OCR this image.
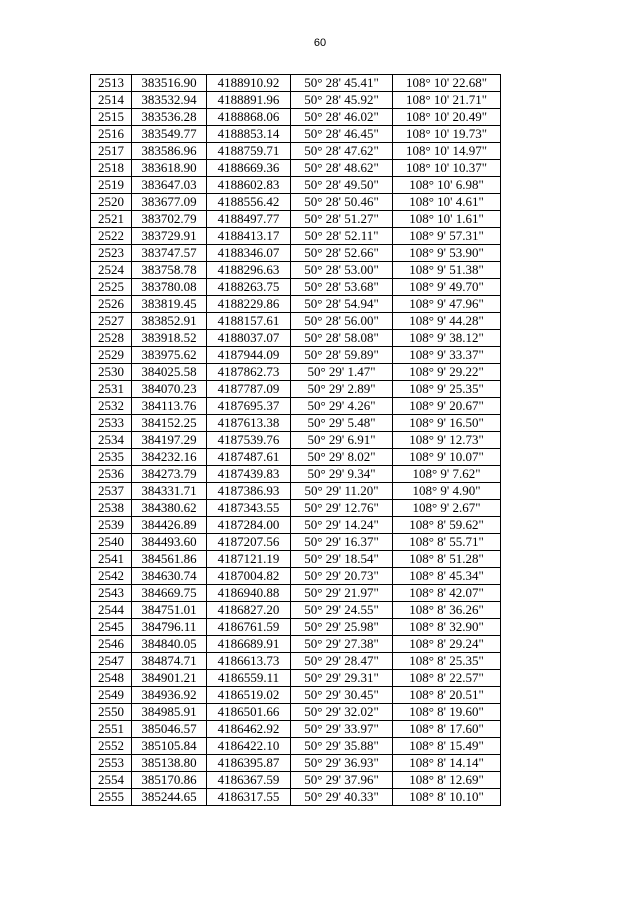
60
2513	383516.90	4188910.92	50° 28' 45.41"	108° 10' 22.68"
2514	383532.94	4188891.96	50° 28' 45.92"	108° 10' 21.71"
2515	383536.28	4188868.06	50° 28' 46.02"	108° 10' 20.49"
2516	383549.77	4188853.14	50° 28' 46.45"	108° 10' 19.73"
2517	383586.96	4188759.71	50° 28' 47.62"	108° 10' 14.97"
2518	383618.90	4188669.36	50° 28' 48.62"	108° 10' 10.37"
2519	383647.03	4188602.83	50° 28' 49.50"	108° 10' 6.98"
2520	383677.09	4188556.42	50° 28' 50.46"	108° 10' 4.61"
2521	383702.79	4188497.77	50° 28' 51.27"	108° 10' 1.61"
2522	383729.91	4188413.17	50° 28' 52.11"	108° 9' 57.31"
2523	383747.57	4188346.07	50° 28' 52.66"	108° 9' 53.90"
2524	383758.78	4188296.63	50° 28' 53.00"	108° 9' 51.38"
2525	383780.08	4188263.75	50° 28' 53.68"	108° 9' 49.70"
2526	383819.45	4188229.86	50° 28' 54.94"	108° 9' 47.96"
2527	383852.91	4188157.61	50° 28' 56.00"	108° 9' 44.28"
2528	383918.52	4188037.07	50° 28' 58.08"	108° 9' 38.12"
2529	383975.62	4187944.09	50° 28' 59.89"	108° 9' 33.37"
2530	384025.58	4187862.73	50° 29' 1.47"	108° 9' 29.22"
2531	384070.23	4187787.09	50° 29' 2.89"	108° 9' 25.35"
2532	384113.76	4187695.37	50° 29' 4.26"	108° 9' 20.67"
2533	384152.25	4187613.38	50° 29' 5.48"	108° 9' 16.50"
2534	384197.29	4187539.76	50° 29' 6.91"	108° 9' 12.73"
2535	384232.16	4187487.61	50° 29' 8.02"	108° 9' 10.07"
2536	384273.79	4187439.83	50° 29' 9.34"	108° 9' 7.62"
2537	384331.71	4187386.93	50° 29' 11.20"	108° 9' 4.90"
2538	384380.62	4187343.55	50° 29' 12.76"	108° 9' 2.67"
2539	384426.89	4187284.00	50° 29' 14.24"	108° 8' 59.62"
2540	384493.60	4187207.56	50° 29' 16.37"	108° 8' 55.71"
2541	384561.86	4187121.19	50° 29' 18.54"	108° 8' 51.28"
2542	384630.74	4187004.82	50° 29' 20.73"	108° 8' 45.34"
2543	384669.75	4186940.88	50° 29' 21.97"	108° 8' 42.07"
2544	384751.01	4186827.20	50° 29' 24.55"	108° 8' 36.26"
2545	384796.11	4186761.59	50° 29' 25.98"	108° 8' 32.90"
2546	384840.05	4186689.91	50° 29' 27.38"	108° 8' 29.24"
2547	384874.71	4186613.73	50° 29' 28.47"	108° 8' 25.35"
2548	384901.21	4186559.11	50° 29' 29.31"	108° 8' 22.57"
2549	384936.92	4186519.02	50° 29' 30.45"	108° 8' 20.51"
2550	384985.91	4186501.66	50° 29' 32.02"	108° 8' 19.60"
2551	385046.57	4186462.92	50° 29' 33.97"	108° 8' 17.60"
2552	385105.84	4186422.10	50° 29' 35.88"	108° 8' 15.49"
2553	385138.80	4186395.87	50° 29' 36.93"	108° 8' 14.14"
2554	385170.86	4186367.59	50° 29' 37.96"	108° 8' 12.69"
2555	385244.65	4186317.55	50° 29' 40.33"	108° 8' 10.10"
